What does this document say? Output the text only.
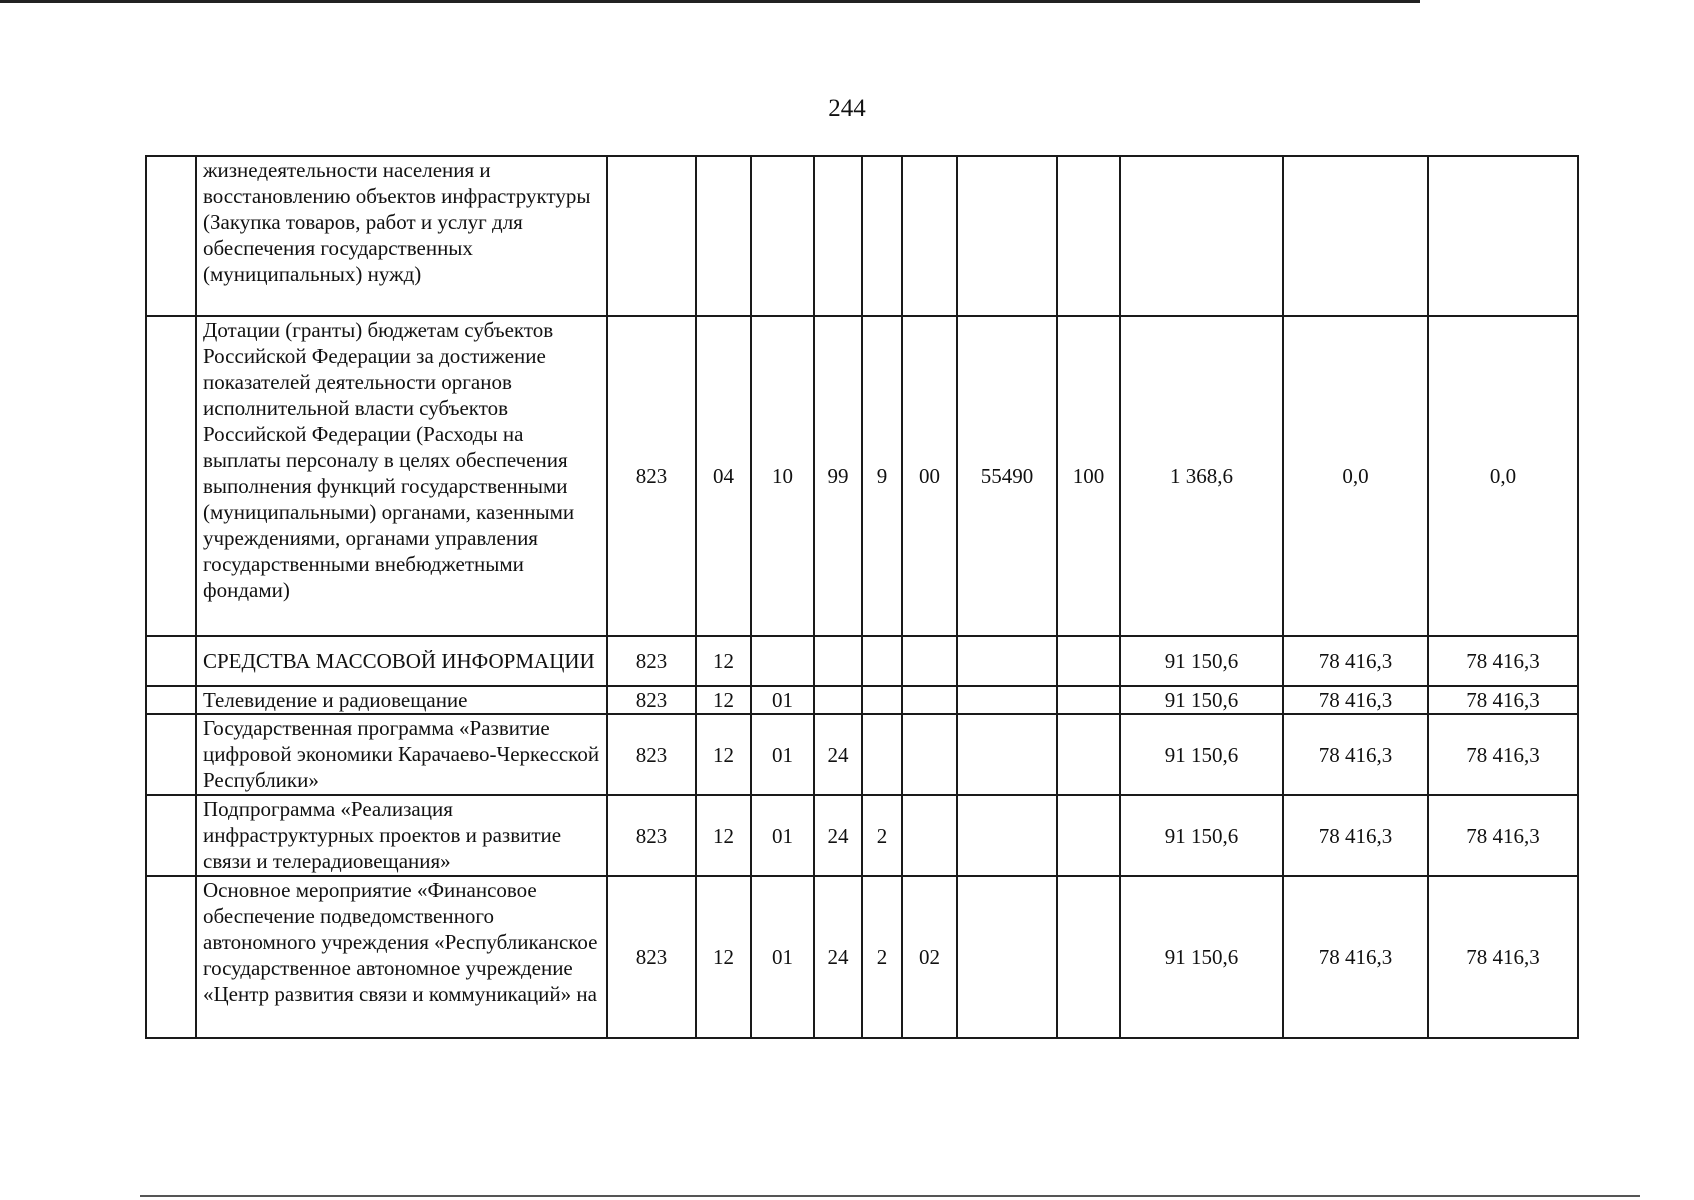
244
	жизнедеятельности населения и восстановлению объектов инфраструктуры (Закупка товаров, работ и услуг для обеспечения государственных (муниципальных) нужд)											
	Дотации (гранты) бюджетам субъектов Российской Федерации за достижение показателей деятельности органов исполнительной власти субъектов Российской Федерации (Расходы на выплаты персоналу в целях обеспечения выполнения функций государственными (муниципальными) органами, казенными учреждениями, органами управления государственными внебюджетными фондами)	823	04	10	99	9	00	55490	100	1 368,6	0,0	0,0
	СРЕДСТВА МАССОВОЙ ИНФОРМАЦИИ	823	12							91 150,6	78 416,3	78 416,3
	Телевидение и радиовещание	823	12	01						91 150,6	78 416,3	78 416,3
	Государственная программа «Развитие цифровой экономики Карачаево-Черкесской Республики»	823	12	01	24					91 150,6	78 416,3	78 416,3
	Подпрограмма «Реализация инфраструктурных проектов и развитие связи и телерадиовещания»	823	12	01	24	2				91 150,6	78 416,3	78 416,3
	Основное мероприятие «Финансовое обеспечение подведомственного автономного учреждения «Республиканское государственное автономное учреждение «Центр развития связи и коммуникаций» на	823	12	01	24	2	02			91 150,6	78 416,3	78 416,3
